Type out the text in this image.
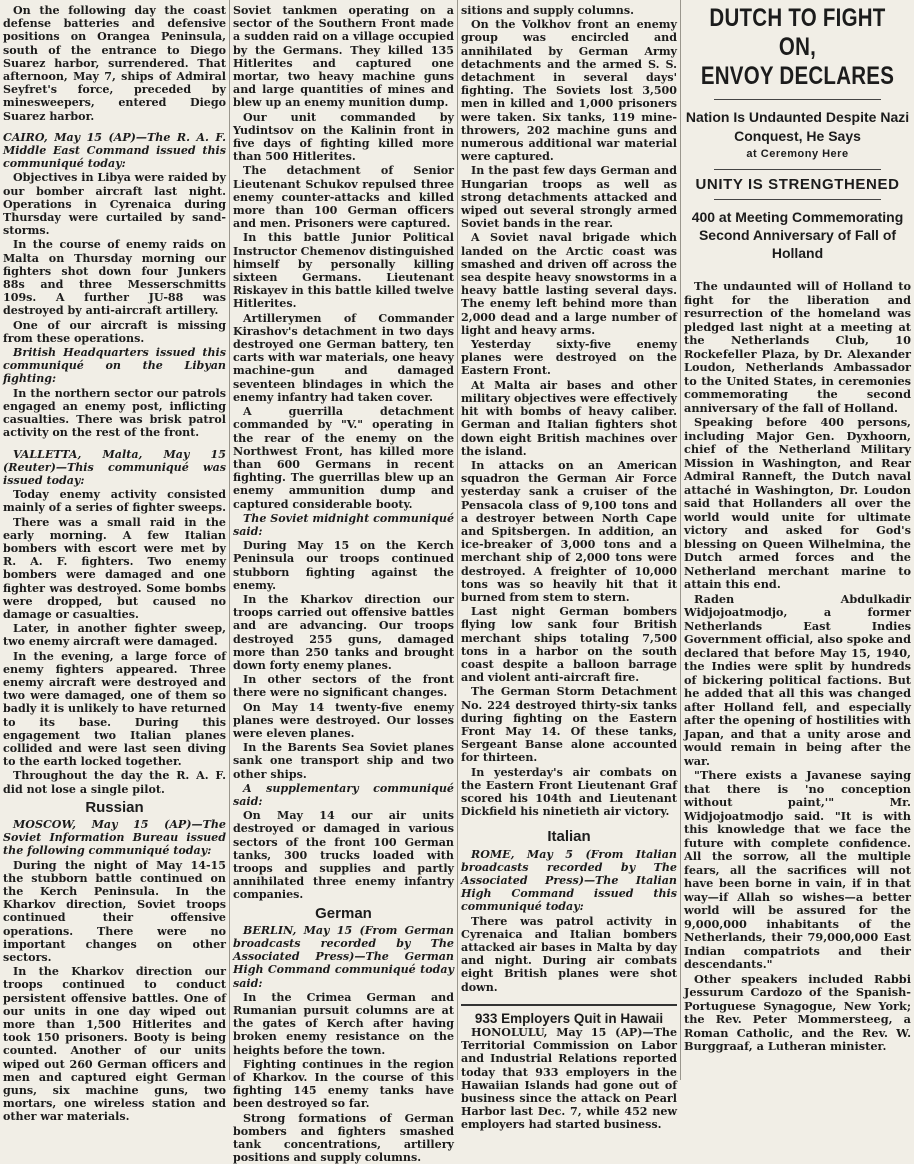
On the following day the coast defense batteries and defensive positions on Orangea Peninsula, south of the entrance to Diego Suarez harbor, surrendered. That afternoon, May 7, ships of Admiral Seyfret's force, preceded by minesweepers, entered Diego Suarez harbor.

CAIRO, May 15 (AP)—The R. A. F. Middle East Command issued this communiqué today:

Objectives in Libya were raided by our bomber aircraft last night. Operations in Cyrenaica during Thursday were curtailed by sand-storms.

In the course of enemy raids on Malta on Thursday morning our fighters shot down four Junkers 88s and three Messerschmitts 109s. A further JU-88 was destroyed by anti-aircraft artillery.

One of our aircraft is missing from these operations.

British Headquarters issued this communiqué on the Libyan fighting:

In the northern sector our patrols engaged an enemy post, inflicting casualties. There was brisk patrol activity on the rest of the front.

VALLETTA, Malta, May 15 (Reuter)—This communiqué was issued today:

Today enemy activity consisted mainly of a series of fighter sweeps.

There was a small raid in the early morning. A few Italian bombers with escort were met by R. A. F. fighters. Two enemy bombers were damaged and one fighter was destroyed. Some bombs were dropped, but caused no damage or casualties.

Later, in another fighter sweep, two enemy aircraft were damaged.

In the evening, a large force of enemy fighters appeared. Three enemy aircraft were destroyed and two were damaged, one of them so badly it is unlikely to have returned to its base. During this engagement two Italian planes collided and were last seen diving to the earth locked together.

Throughout the day the R. A. F. did not lose a single pilot.

Russian

MOSCOW, May 15 (AP)—The Soviet Information Bureau issued the following communiqué today:

During the night of May 14-15 the stubborn battle continued on the Kerch Peninsula. In the Kharkov direction, Soviet troops continued their offensive operations. There were no important changes on other sectors.

In the Kharkov direction our troops continued to conduct persistent offensive battles. One of our units in one day wiped out more than 1,500 Hitlerites and took 150 prisoners. Booty is being counted. Another of our units wiped out 260 German officers and men and captured eight German guns, six machine guns, two mortars, one wireless station and other war materials.

Soviet tankmen operating on a sector of the Southern Front made a sudden raid on a village occupied by the Germans. They killed 135 Hitlerites and captured one mortar, two heavy machine guns and large quantities of mines and blew up an enemy munition dump.

Our unit commanded by Yudintsov on the Kalinin front in five days of fighting killed more than 500 Hitlerites.

The detachment of Senior Lieutenant Schukov repulsed three enemy counter-attacks and killed more than 100 German officers and men. Prisoners were captured.

In this battle Junior Political Instructor Chemenov distinguished himself by personally killing sixteen Germans. Lieutenant Riskayev in this battle killed twelve Hitlerites.

Artillerymen of Commander Kirashov's detachment in two days destroyed one German battery, ten carts with war materials, one heavy machine-gun and damaged seventeen blindages in which the enemy infantry had taken cover.

A guerrilla detachment commanded by "V." operating in the rear of the enemy on the Northwest Front, has killed more than 600 Germans in recent fighting. The guerrillas blew up an enemy ammunition dump and captured considerable booty.

The Soviet midnight communiqué said:

During May 15 on the Kerch Peninsula our troops continued stubborn fighting against the enemy.

In the Kharkov direction our troops carried out offensive battles and are advancing. Our troops destroyed 255 guns, damaged more than 250 tanks and brought down forty enemy planes.

In other sectors of the front there were no significant changes.

On May 14 twenty-five enemy planes were destroyed. Our losses were eleven planes.

In the Barents Sea Soviet planes sank one transport ship and two other ships.

A supplementary communiqué said:

On May 14 our air units destroyed or damaged in various sectors of the front 100 German tanks, 300 trucks loaded with troops and supplies and partly annihilated three enemy infantry companies.

German

BERLIN, May 15 (From German broadcasts recorded by The Associated Press)—The German High Command communiqué today said:

In the Crimea German and Rumanian pursuit columns are at the gates of Kerch after having broken enemy resistance on the heights before the town.

Fighting continues in the region of Kharkov. In the course of this fighting 145 enemy tanks have been destroyed so far.

Strong formations of German bombers and fighters smashed tank concentrations, artillery positions and supply columns.

sitions and supply columns.

On the Volkhov front an enemy group was encircled and annihilated by German Army detachments and the armed S. S. detachment in several days' fighting. The Soviets lost 3,500 men in killed and 1,000 prisoners were taken. Six tanks, 119 mine-throwers, 202 machine guns and numerous additional war material were captured.

In the past few days German and Hungarian troops as well as strong detachments attacked and wiped out several strongly armed Soviet bands in the rear.

A Soviet naval brigade which landed on the Arctic coast was smashed and driven off across the sea despite heavy snowstorms in a heavy battle lasting several days. The enemy left behind more than 2,000 dead and a large number of light and heavy arms.

Yesterday sixty-five enemy planes were destroyed on the Eastern Front.

At Malta air bases and other military objectives were effectively hit with bombs of heavy caliber. German and Italian fighters shot down eight British machines over the island.

In attacks on an American squadron the German Air Force yesterday sank a cruiser of the Pensacola class of 9,100 tons and a destroyer between North Cape and Spitsbergen. In addition, an ice-breaker of 3,000 tons and a merchant ship of 2,000 tons were destroyed. A freighter of 10,000 tons was so heavily hit that it burned from stem to stern.

Last night German bombers flying low sank four British merchant ships totaling 7,500 tons in a harbor on the south coast despite a balloon barrage and violent anti-aircraft fire.

The German Storm Detachment No. 224 destroyed thirty-six tanks during fighting on the Eastern Front May 14. Of these tanks, Sergeant Banse alone accounted for thirteen.

In yesterday's air combats on the Eastern Front Lieutenant Graf scored his 104th and Lieutenant Dickfield his ninetieth air victory.

Italian

ROME, May 5 (From Italian broadcasts recorded by The Associated Press)—The Italian High Command issued this communiqué today:

There was patrol activity in Cyrenaica and Italian bombers attacked air bases in Malta by day and night. During air combats eight British planes were shot down.

933 Employers Quit in Hawaii

HONOLULU, May 15 (AP)—The Territorial Commission on Labor and Industrial Relations reported today that 933 employers in the Hawaiian Islands had gone out of business since the attack on Pearl Harbor last Dec. 7, while 452 new employers had started business.

DUTCH TO FIGHT ON,
ENVOY DECLARES
Nation Is Undaunted Despite Nazi Conquest, He Says
at Ceremony Here
UNITY IS STRENGTHENED
400 at Meeting Commemorating Second Anniversary of Fall of Holland

The undaunted will of Holland to fight for the liberation and resurrection of the homeland was pledged last night at a meeting at the Netherlands Club, 10 Rockefeller Plaza, by Dr. Alexander Loudon, Netherlands Ambassador to the United States, in ceremonies commemorating the second anniversary of the fall of Holland.

Speaking before 400 persons, including Major Gen. Dyxhoorn, chief of the Netherland Military Mission in Washington, and Rear Admiral Ranneft, the Dutch naval attaché in Washington, Dr. Loudon said that Hollanders all over the world would unite for ultimate victory and asked for God's blessing on Queen Wilhelmina, the Dutch armed forces and the Netherland merchant marine to attain this end.

Raden Abdulkadir Widjojoatmodjo, a former Netherlands East Indies Government official, also spoke and declared that before May 15, 1940, the Indies were split by hundreds of bickering political factions. But he added that all this was changed after Holland fell, and especially after the opening of hostilities with Japan, and that a unity arose and would remain in being after the war.

"There exists a Javanese saying that there is 'no conception without paint,'" Mr. Widjojoatmodjo said. "It is with this knowledge that we face the future with complete confidence. All the sorrow, all the multiple fears, all the sacrifices will not have been borne in vain, if in that way—if Allah so wishes—a better world will be assured for the 9,000,000 inhabitants of the Netherlands, their 79,000,000 East Indian compatriots and their descendants."

Other speakers included Rabbi Jessurum Cardozo of the Spanish-Portuguese Synagogue, New York; the Rev. Peter Mommersteeg, a Roman Catholic, and the Rev. W. Burggraaf, a Lutheran minister.
